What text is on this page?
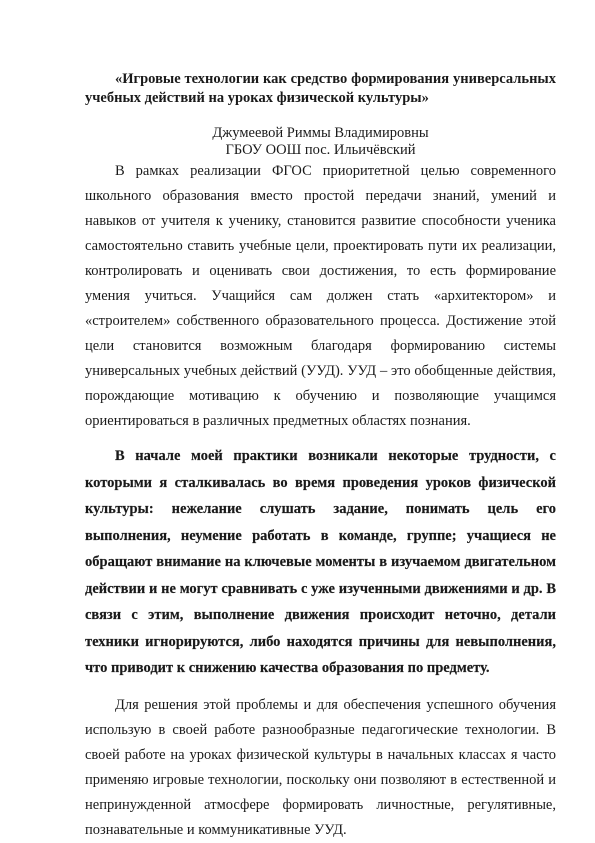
«Игровые технологии как средство формирования универсальных учебных действий на уроках физической культуры»

Джумеевой Риммы Владимировны
ГБОУ ООШ пос. Ильичёвский

В рамках реализации ФГОС приоритетной целью современного школьного образования вместо простой передачи знаний, умений и навыков от учителя к ученику, становится развитие способности ученика самостоятельно ставить учебные цели, проектировать пути их реализации, контролировать и оценивать свои достижения, то есть формирование умения учиться. Учащийся сам должен стать «архитектором» и «строителем» собственного образовательного процесса. Достижение этой цели становится возможным благодаря формированию системы универсальных учебных действий (УУД). УУД – это обобщенные действия, порождающие мотивацию к обучению и позволяющие учащимся ориентироваться в различных предметных областях познания.

В начале моей практики возникали некоторые трудности, с которыми я сталкивалась во время проведения уроков физической культуры: нежелание слушать задание, понимать цель его выполнения, неумение работать в команде, группе; учащиеся не обращают внимание на ключевые моменты в изучаемом двигательном действии и не могут сравнивать с уже изученными движениями и др. В связи с этим, выполнение движения происходит неточно, детали техники игнорируются, либо находятся причины для невыполнения, что приводит к снижению качества образования по предмету.

Для решения этой проблемы и для обеспечения успешного обучения использую в своей работе разнообразные педагогические технологии. В своей работе на уроках физической культуры в начальных классах я часто применяю игровые технологии, поскольку они позволяют в естественной и непринужденной атмосфере формировать личностные, регулятивные, познавательные и коммуникативные УУД.
